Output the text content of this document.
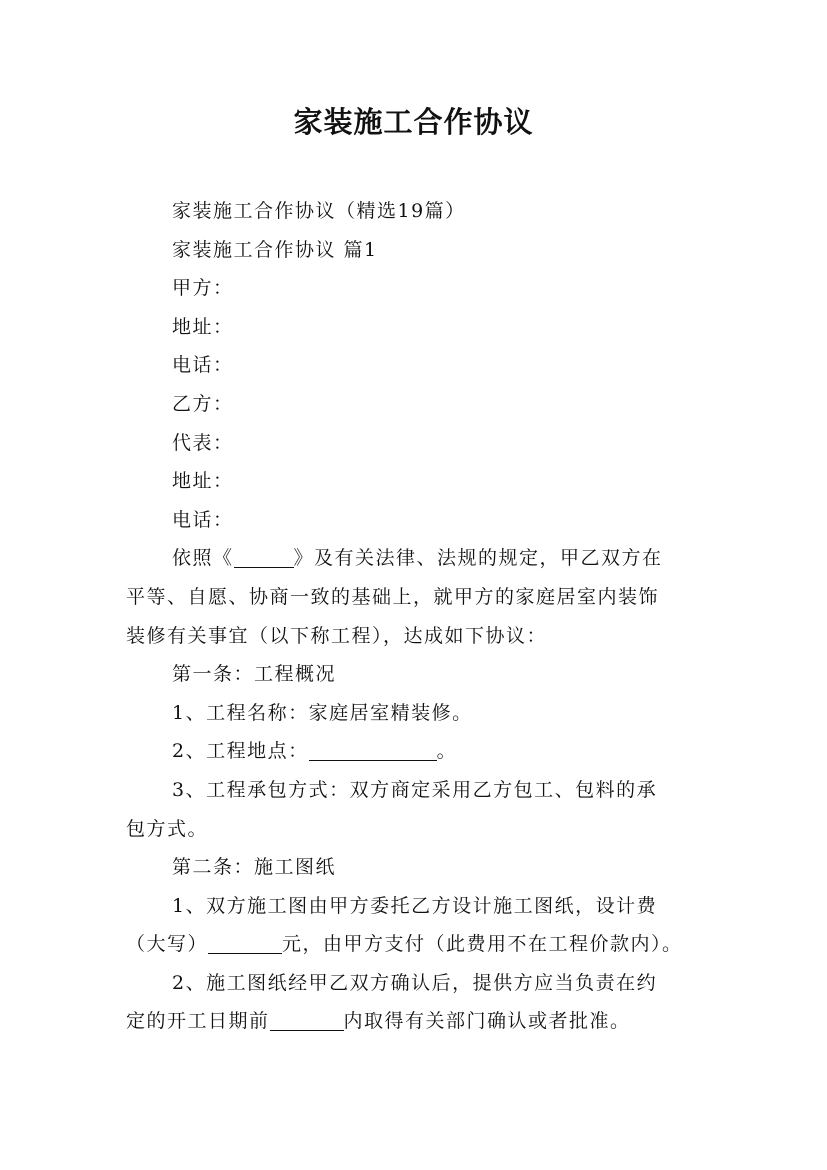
家装施工合作协议
家装施工合作协议（精选19篇）
家装施工合作协议 篇1
甲方：
地址：
电话：
乙方：
代表：
地址：
电话：
依照《	》及有关法律、法规的规定，甲乙双方在
平等、自愿、协商一致的基础上，就甲方的家庭居室内装饰
装修有关事宜（以下称工程），达成如下协议：
第一条：工程概况
1、工程名称：家庭居室精装修。
2、工程地点：	。
3、工程承包方式：双方商定采用乙方包工、包料的承
包方式。
第二条：施工图纸
1、双方施工图由甲方委托乙方设计施工图纸，设计费
（大写）	元，由甲方支付（此费用不在工程价款内）。
2、施工图纸经甲乙双方确认后，提供方应当负责在约
定的开工日期前	内取得有关部门确认或者批准。
